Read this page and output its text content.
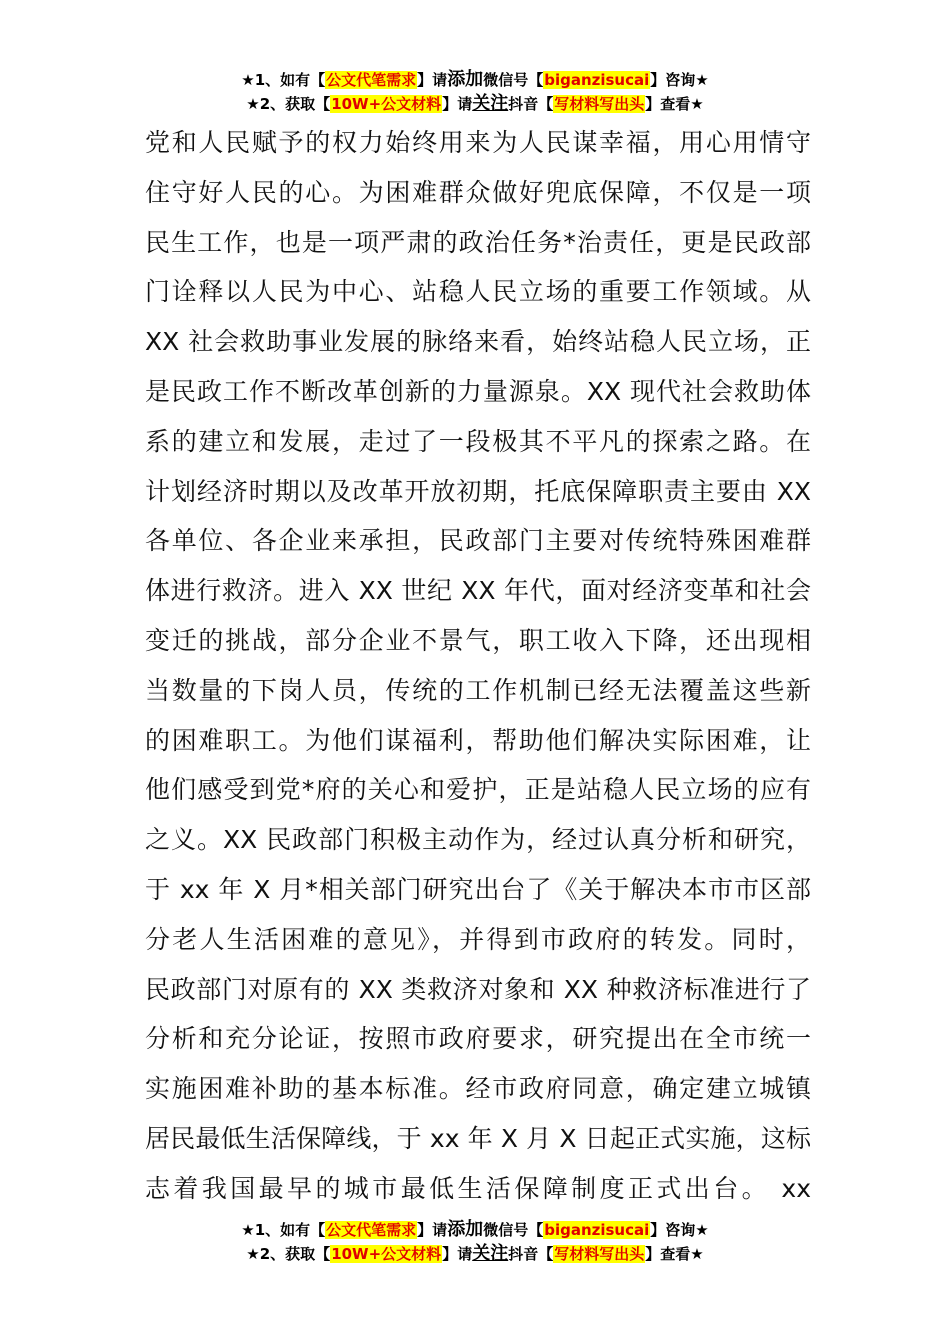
★1、如有【公文代笔需求】请添加微信号【biganzisucai】咨询★
★2、获取【10W+公文材料】请关注抖音【写材料写出头】查看★
党和人民赋予的权力始终用来为人民谋幸福，用心用情守
住守好人民的心。为困难群众做好兜底保障，不仅是一项
民生工作，也是一项严肃的政治任务*治责任，更是民政部
门诠释以人民为中心、站稳人民立场的重要工作领域。从
XX 社会救助事业发展的脉络来看，始终站稳人民立场，正
是民政工作不断改革创新的力量源泉。XX 现代社会救助体
系的建立和发展，走过了一段极其不平凡的探索之路。在
计划经济时期以及改革开放初期，托底保障职责主要由 XX
各单位、各企业来承担，民政部门主要对传统特殊困难群
体进行救济。进入 XX 世纪 XX 年代，面对经济变革和社会
变迁的挑战，部分企业不景气，职工收入下降，还出现相
当数量的下岗人员，传统的工作机制已经无法覆盖这些新
的困难职工。为他们谋福利，帮助他们解决实际困难，让
他们感受到党*府的关心和爱护，正是站稳人民立场的应有
之义。XX 民政部门积极主动作为，经过认真分析和研究，
于 xx 年 X 月*相关部门研究出台了《关于解决本市市区部
分老人生活困难的意见》，并得到市政府的转发。同时，
民政部门对原有的 XX 类救济对象和 XX 种救济标准进行了
分析和充分论证，按照市政府要求，研究提出在全市统一
实施困难补助的基本标准。经市政府同意，确定建立城镇
居民最低生活保障线，于 xx 年 X 月 X 日起正式实施，这标
志着我国最早的城市最低生活保障制度正式出台。 xx
★1、如有【公文代笔需求】请添加微信号【biganzisucai】咨询★
★2、获取【10W+公文材料】请关注抖音【写材料写出头】查看★
